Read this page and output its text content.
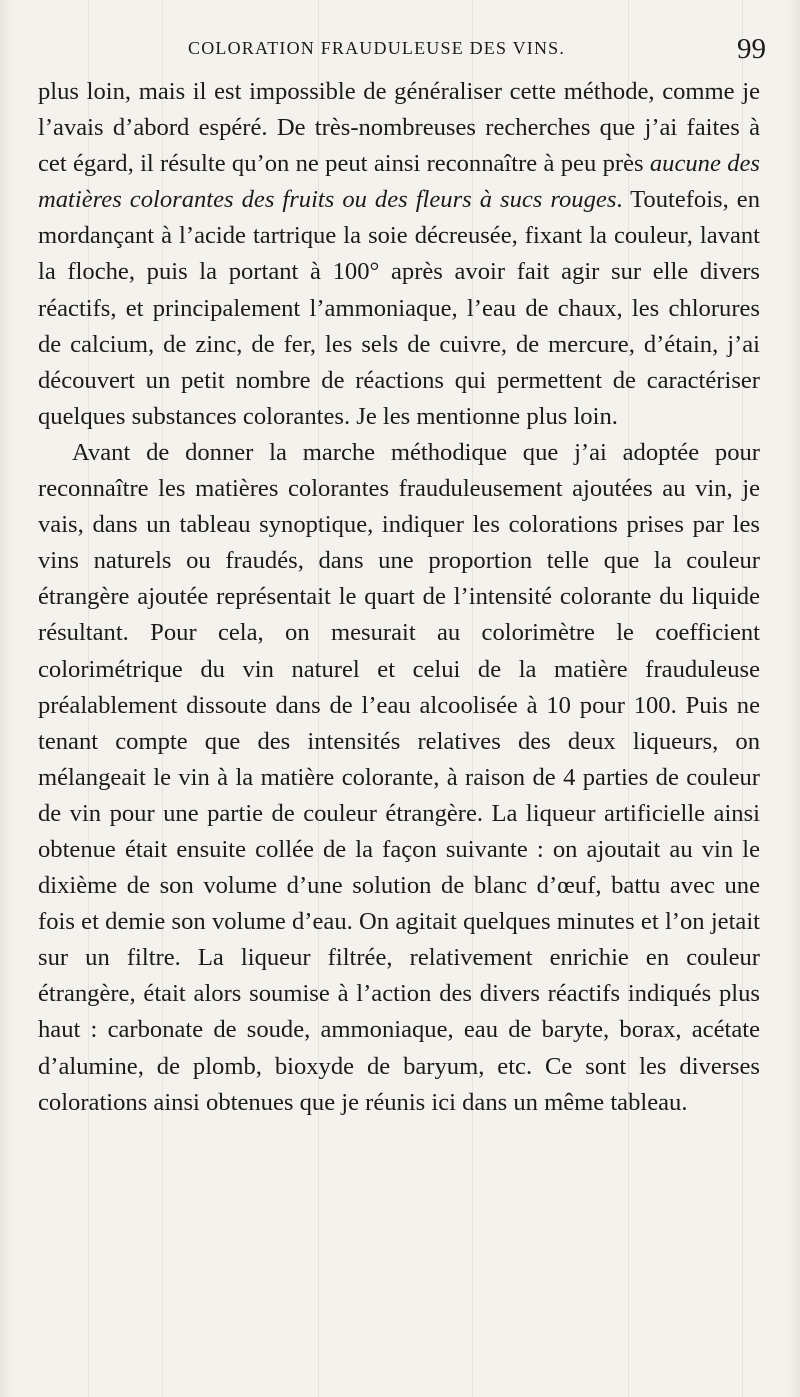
COLORATION FRAUDULEUSE DES VINS.	99

plus loin, mais il est impossible de généraliser cette méthode, comme je l’avais d’abord espéré. De très-nombreuses recherches que j’ai faites à cet égard, il résulte qu’on ne peut ainsi reconnaître à peu près aucune des matières colorantes des fruits ou des fleurs à sucs rouges. Toutefois, en mordançant à l’acide tartrique la soie décreusée, fixant la couleur, lavant la floche, puis la portant à 100° après avoir fait agir sur elle divers réactifs, et principalement l’ammoniaque, l’eau de chaux, les chlorures de calcium, de zinc, de fer, les sels de cuivre, de mercure, d’étain, j’ai découvert un petit nombre de réactions qui permettent de caractériser quelques substances colorantes. Je les mentionne plus loin.

Avant de donner la marche méthodique que j’ai adoptée pour reconnaître les matières colorantes frauduleusement ajoutées au vin, je vais, dans un tableau synoptique, indiquer les colorations prises par les vins naturels ou fraudés, dans une proportion telle que la couleur étrangère ajoutée représentait le quart de l’intensité colorante du liquide résultant. Pour cela, on mesurait au colorimètre le coefficient colorimétrique du vin naturel et celui de la matière frauduleuse préalablement dissoute dans de l’eau alcoolisée à 10 pour 100. Puis ne tenant compte que des intensités relatives des deux liqueurs, on mélangeait le vin à la matière colorante, à raison de 4 parties de couleur de vin pour une partie de couleur étrangère. La liqueur artificielle ainsi obtenue était ensuite collée de la façon suivante : on ajoutait au vin le dixième de son volume d’une solution de blanc d’œuf, battu avec une fois et demie son volume d’eau. On agitait quelques minutes et l’on jetait sur un filtre. La liqueur filtrée, relativement enrichie en couleur étrangère, était alors soumise à l’action des divers réactifs indiqués plus haut : carbonate de soude, ammoniaque, eau de baryte, borax, acétate d’alumine, de plomb, bioxyde de baryum, etc. Ce sont les diverses colorations ainsi obtenues que je réunis ici dans un même tableau.
